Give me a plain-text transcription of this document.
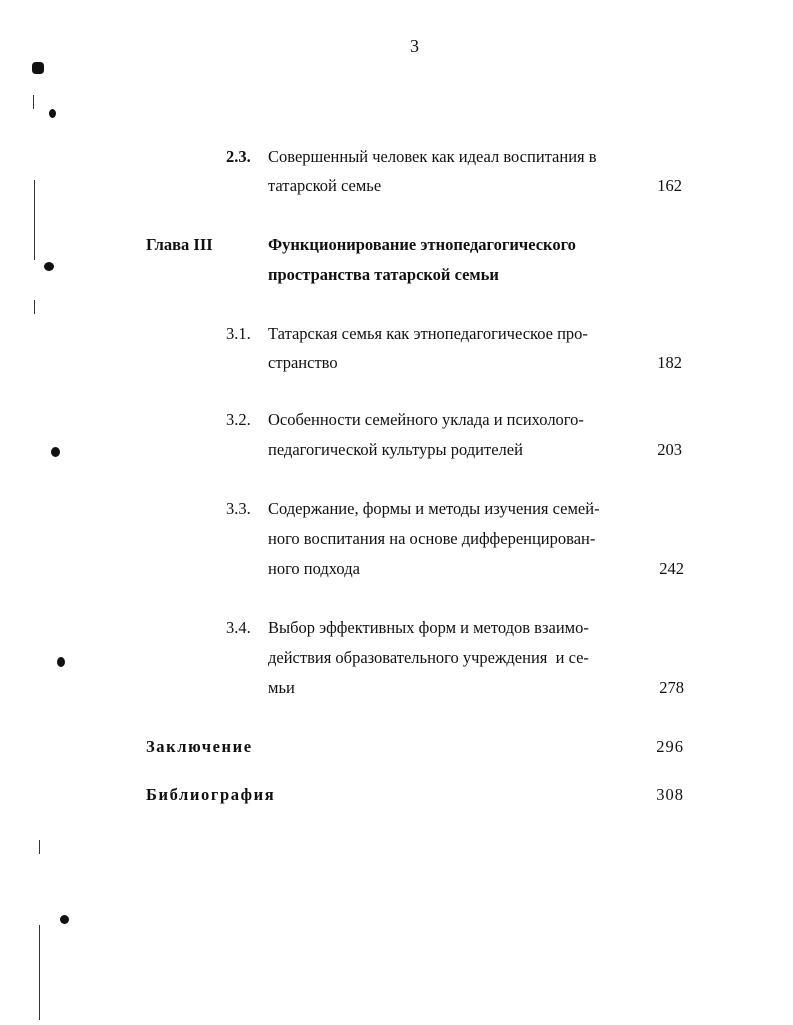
3
2.3. Совершенный человек как идеал воспитания в
татарской семье	162
Глава III	Функционирование этнопедагогического
пространства татарской семьи
3.1. Татарская семья как этнопедагогическое про-
странство	182
3.2. Особенности семейного уклада и психолого-
педагогической культуры родителей	203
3.3. Содержание, формы и методы изучения семей-
ного воспитания на основе дифференцирован-
ного подхода	242
3.4. Выбор эффективных форм и методов взаимо-
действия образовательного учреждения  и се-
мьи	278
Заключение	296
Библиография	308
